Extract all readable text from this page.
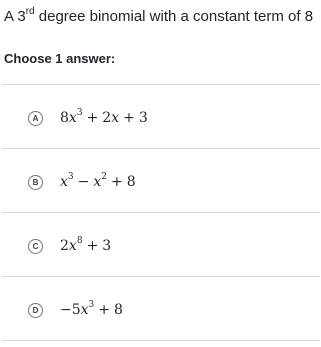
A 3rd degree binomial with a constant term of 8
Choose 1 answer:
A	$8x^3 + 2x + 3$
B	$x^3 - x^2 + 8$
C	$2x^8 + 3$
D	$-5x^3 + 8$
